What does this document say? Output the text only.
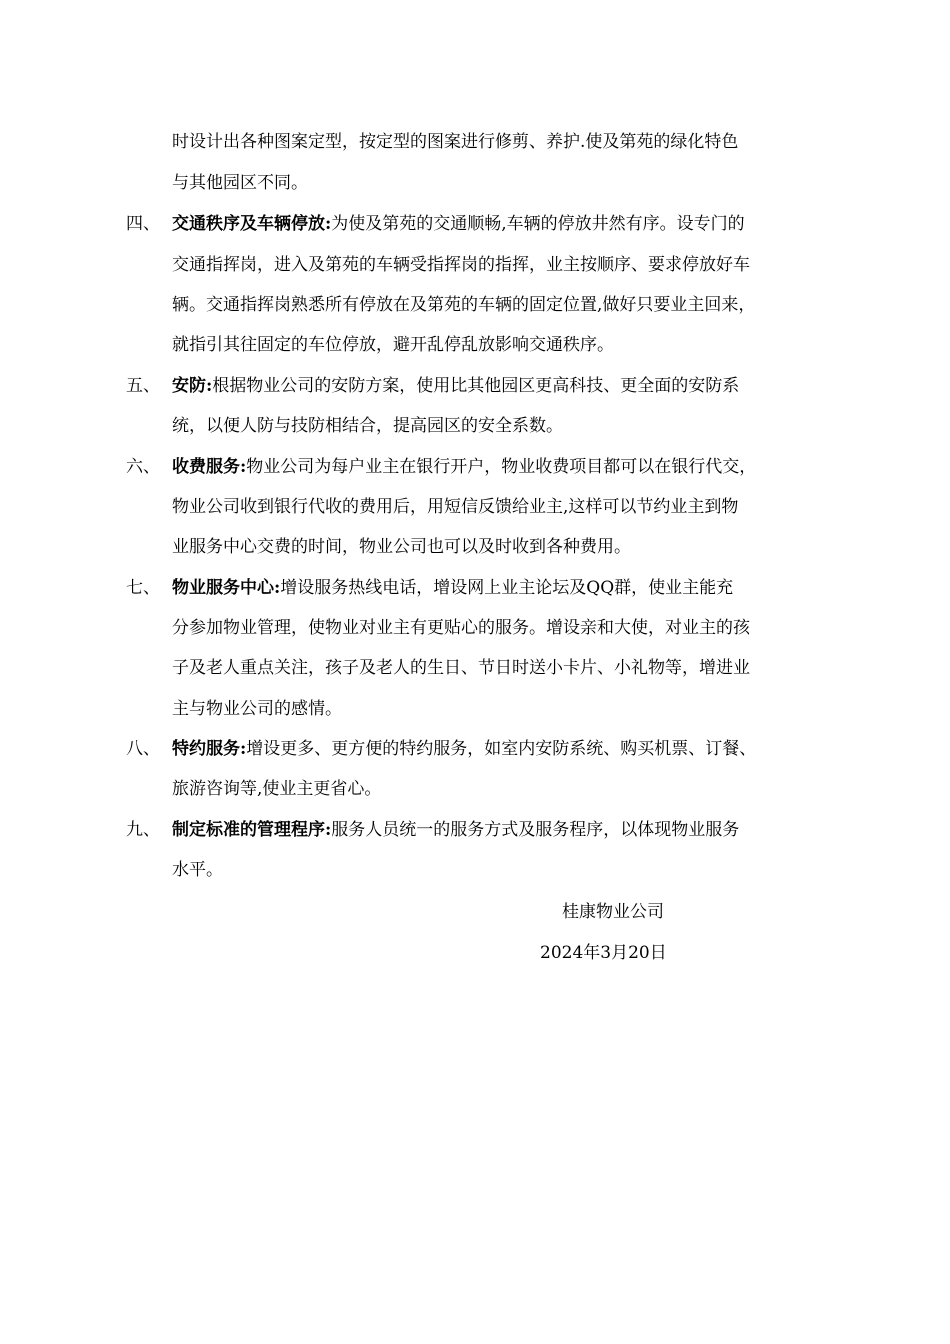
时设计出各种图案定型，按定型的图案进行修剪、养护.使及第苑的绿化特色
与其他园区不同。
四、 交通秩序及车辆停放:为使及第苑的交通顺畅,车辆的停放井然有序。设专门的
交通指挥岗，进入及第苑的车辆受指挥岗的指挥，业主按顺序、要求停放好车
辆。交通指挥岗熟悉所有停放在及第苑的车辆的固定位置,做好只要业主回来，
就指引其往固定的车位停放，避开乱停乱放影响交通秩序。
五、 安防:根据物业公司的安防方案，使用比其他园区更高科技、更全面的安防系
统，以便人防与技防相结合，提高园区的安全系数。
六、 收费服务:物业公司为每户业主在银行开户，物业收费项目都可以在银行代交，
物业公司收到银行代收的费用后，用短信反馈给业主,这样可以节约业主到物
业服务中心交费的时间，物业公司也可以及时收到各种费用。
七、 物业服务中心:增设服务热线电话，增设网上业主论坛及QQ群，使业主能充
分参加物业管理，使物业对业主有更贴心的服务。增设亲和大使，对业主的孩
子及老人重点关注，孩子及老人的生日、节日时送小卡片、小礼物等，增进业
主与物业公司的感情。
八、 特约服务:增设更多、更方便的特约服务，如室内安防系统、购买机票、订餐、
旅游咨询等,使业主更省心。
九、 制定标准的管理程序:服务人员统一的服务方式及服务程序，以体现物业服务
水平。
桂康物业公司
2024年3月20日
